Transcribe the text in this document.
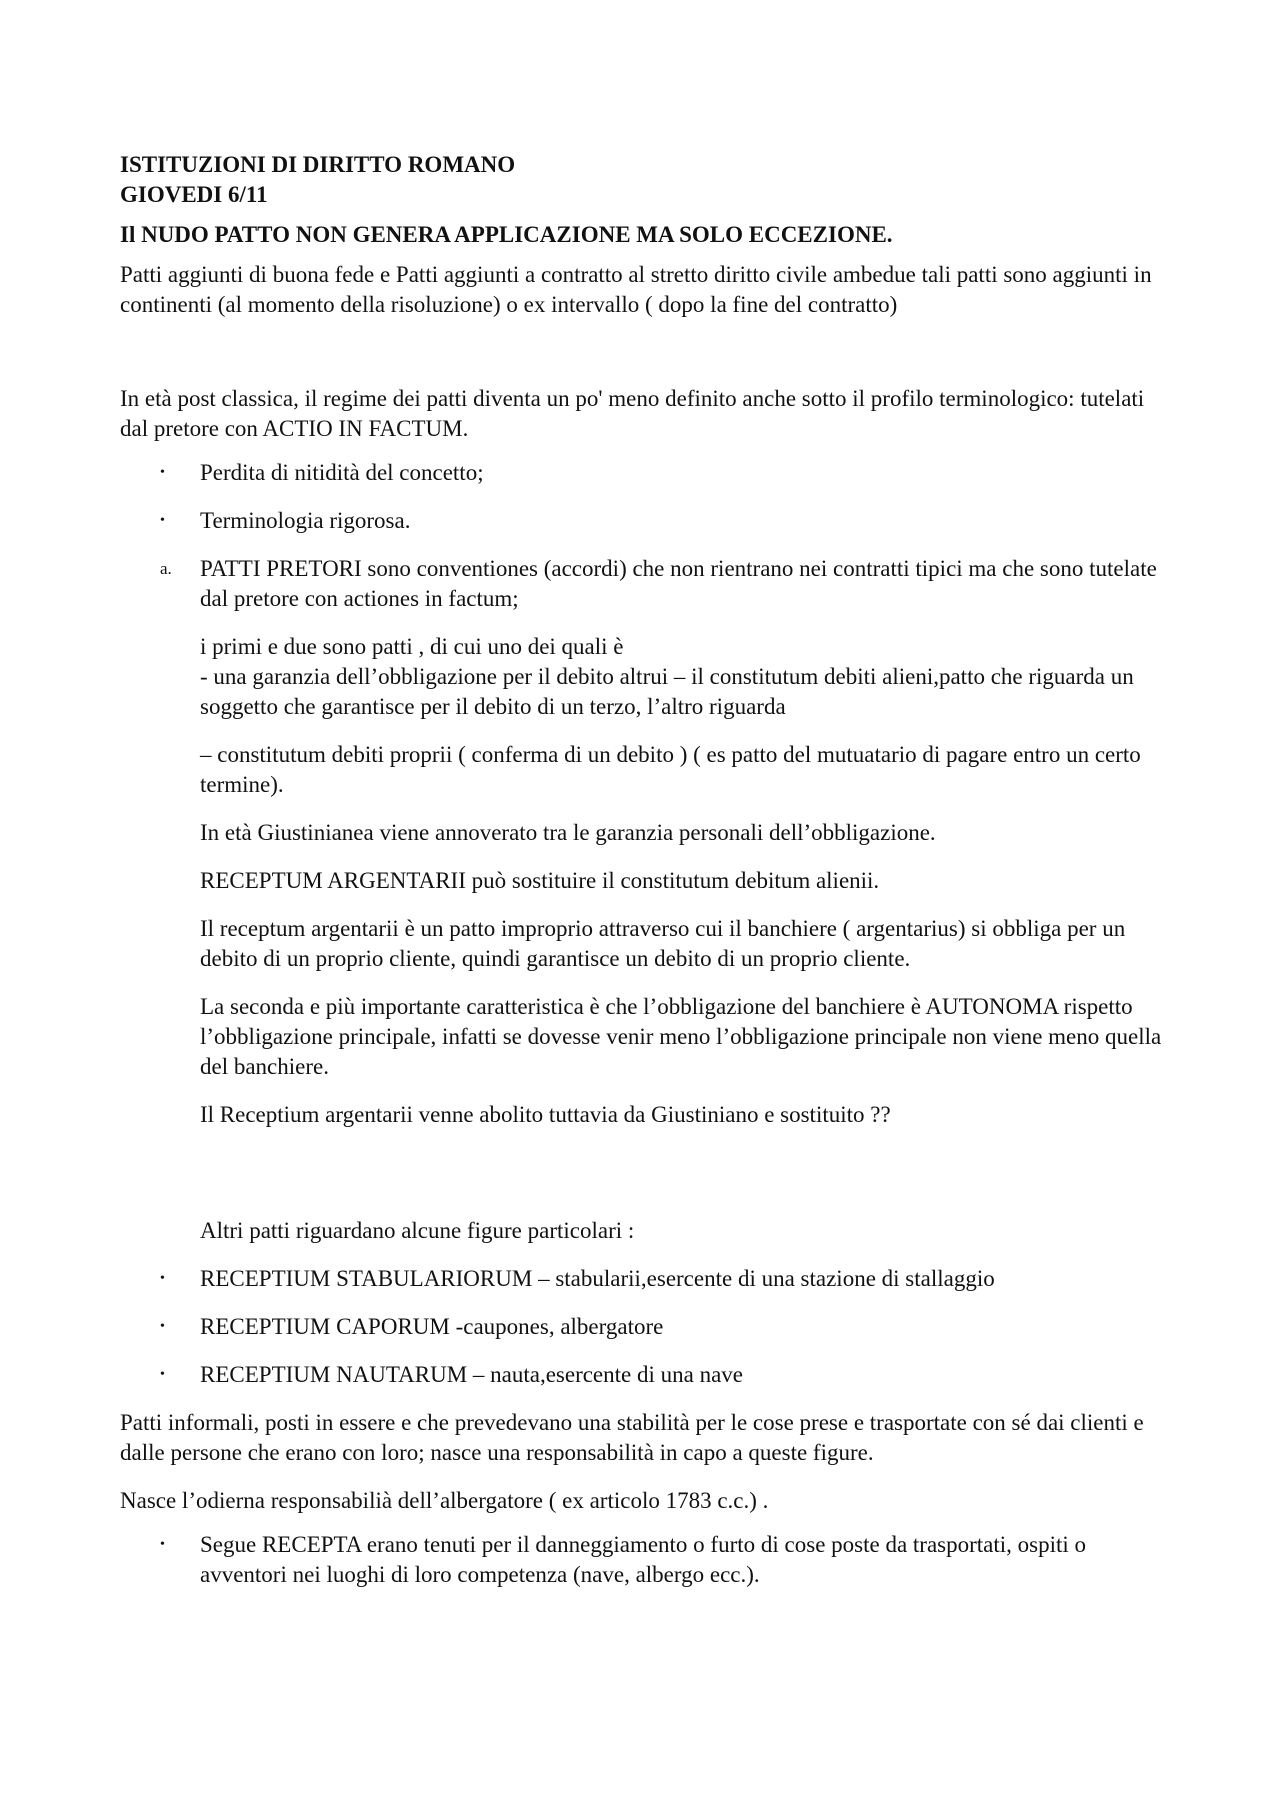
ISTITUZIONI DI DIRITTO ROMANO

GIOVEDI 6/11

Il NUDO PATTO NON GENERA APPLICAZIONE MA SOLO ECCEZIONE.

Patti aggiunti di buona fede e Patti aggiunti a contratto al stretto diritto civile ambedue tali patti sono aggiunti in continenti (al momento della risoluzione) o ex intervallo ( dopo la fine del contratto)

In età post classica, il regime dei patti diventa un po' meno definito anche sotto il profilo terminologico: tutelati dal pretore con ACTIO IN FACTUM.

•	Perdita di nitidità del concetto;
•	Terminologia rigorosa.
a.	PATTI PRETORI sono conventiones (accordi) che non rientrano nei contratti tipici ma che sono tutelate dal pretore con actiones in factum;

i primi e due sono patti , di cui uno dei quali è

- una garanzia dell’obbligazione per il debito altrui – il constitutum debiti alieni,patto che riguarda un soggetto che garantisce per il debito di un terzo, l’altro riguarda

– constitutum debiti proprii ( conferma di un debito ) ( es patto del mutuatario di pagare entro un certo termine).

In età Giustinianea viene annoverato tra le garanzia personali dell’obbligazione.

RECEPTUM ARGENTARII può sostituire il constitutum debitum alienii.

Il receptum argentarii è un patto improprio attraverso cui il banchiere ( argentarius) si obbliga per un debito di un proprio cliente, quindi garantisce un debito di un proprio cliente.

La seconda e più importante caratteristica è che l’obbligazione del banchiere è AUTONOMA rispetto l’obbligazione principale, infatti se dovesse venir meno l’obbligazione principale non viene meno quella del banchiere.

Il Receptium argentarii venne abolito tuttavia da Giustiniano e sostituito ??

Altri patti riguardano alcune figure particolari :

•	RECEPTIUM STABULARIORUM – stabularii,esercente di una stazione di stallaggio
•	RECEPTIUM CAPORUM -caupones, albergatore
•	RECEPTIUM NAUTARUM – nauta,esercente di una nave

Patti informali, posti in essere e che prevedevano una stabilità per le cose prese e trasportate con sé dai clienti e dalle persone che erano con loro; nasce una responsabilità in capo a queste figure.

Nasce l’odierna responsabilià dell’albergatore ( ex articolo 1783 c.c.) .

•	Segue RECEPTA erano tenuti per il danneggiamento o furto di cose poste da trasportati, ospiti o avventori nei luoghi di loro competenza (nave, albergo ecc.).
